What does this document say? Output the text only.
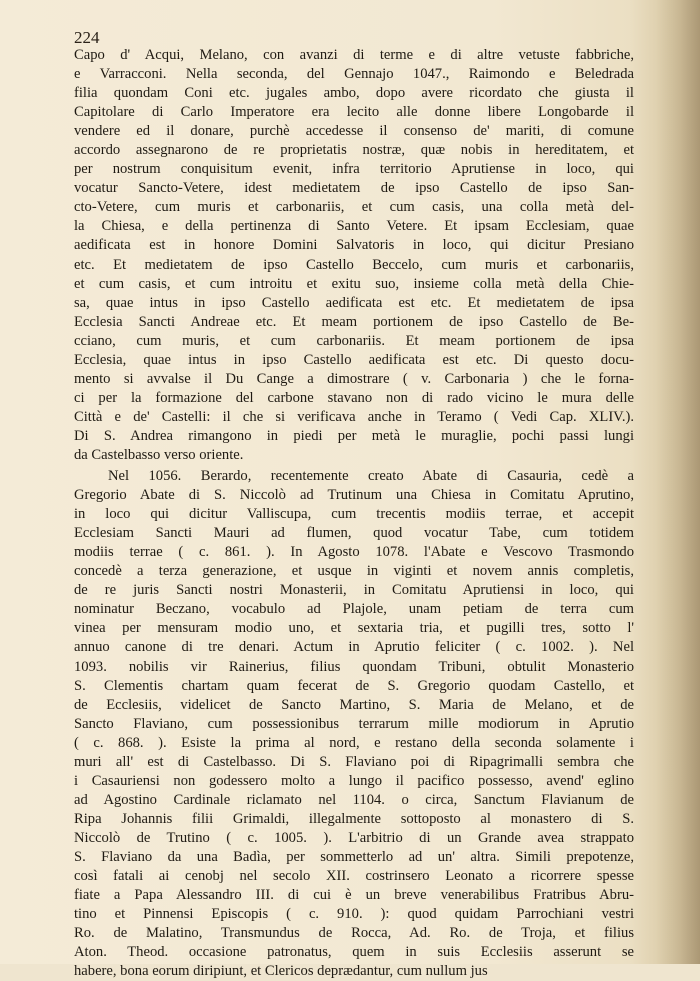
224
Capo d' Acqui, Melano, con avanzi di terme e di altre vetuste fabbriche,
e Varracconi. Nella seconda, del Gennajo 1047., Raimondo e Beledrada
filia quondam Coni etc. jugales ambo, dopo avere ricordato che giusta il
Capitolare di Carlo Imperatore era lecito alle donne libere Longobarde il
vendere ed il donare, purchè accedesse il consenso de' mariti, di comune
accordo assegnarono de re proprietatis nostræ, quæ nobis in hereditatem, et
per nostrum conquisitum evenit, infra territorio Aprutiense in loco, qui
vocatur Sancto-Vetere, idest medietatem de ipso Castello de ipso San-
cto-Vetere, cum muris et carbonariis, et cum casis, una colla metà del-
la Chiesa, e della pertinenza di Santo Vetere. Et ipsam Ecclesiam, quae
aedificata est in honore Domini Salvatoris in loco, qui dicitur Presiano
etc. Et medietatem de ipso Castello Beccelo, cum muris et carbonariis,
et cum casis, et cum introitu et exitu suo, insieme colla metà della Chie-
sa, quae intus in ipso Castello aedificata est etc. Et medietatem de ipsa
Ecclesia Sancti Andreae etc. Et meam portionem de ipso Castello de Be-
cciano, cum muris, et cum carbonariis. Et meam portionem de ipsa
Ecclesia, quae intus in ipso Castello aedificata est etc. Di questo docu-
mento si avvalse il Du Cange a dimostrare ( v. Carbonaria ) che le forna-
ci per la formazione del carbone stavano non di rado vicino le mura delle
Città e de' Castelli: il che si verificava anche in Teramo ( Vedi Cap. XLIV.).
Di S. Andrea rimangono in piedi per metà le muraglie, pochi passi lungi
da Castelbasso verso oriente.
Nel 1056. Berardo, recentemente creato Abate di Casauria, cedè a
Gregorio Abate di S. Niccolò ad Trutinum una Chiesa in Comitatu Aprutino,
in loco qui dicitur Valliscupa, cum trecentis modiis terrae, et accepit
Ecclesiam Sancti Mauri ad flumen, quod vocatur Tabe, cum totidem
modiis terrae ( c. 861. ). In Agosto 1078. l'Abate e Vescovo Trasmondo
concedè a terza generazione, et usque in viginti et novem annis completis,
de re juris Sancti nostri Monasterii, in Comitatu Aprutiensi in loco, qui
nominatur Beczano, vocabulo ad Plajole, unam petiam de terra cum
vinea per mensuram modio uno, et sextaria tria, et pugilli tres, sotto l'
annuo canone di tre denari. Actum in Aprutio feliciter ( c. 1002. ). Nel
1093. nobilis vir Rainerius, filius quondam Tribuni, obtulit Monasterio
S. Clementis chartam quam fecerat de S. Gregorio quodam Castello, et
de Ecclesiis, videlicet de Sancto Martino, S. Maria de Melano, et de
Sancto Flaviano, cum possessionibus terrarum mille modiorum in Aprutio
( c. 868. ). Esiste la prima al nord, e restano della seconda solamente i
muri all' est di Castelbasso. Di S. Flaviano poi di Ripagrimalli sembra che
i Casauriensi non godessero molto a lungo il pacifico possesso, avend' eglino
ad Agostino Cardinale riclamato nel 1104. o circa, Sanctum Flavianum de
Ripa Johannis filii Grimaldi, illegalmente sottoposto al monastero di S.
Niccolò de Trutino ( c. 1005. ). L'arbitrio di un Grande avea strappato
S. Flaviano da una Badìa, per sommetterlo ad un' altra. Simili prepotenze,
così fatali ai cenobj nel secolo XII. costrinsero Leonato a ricorrere spesse
fiate a Papa Alessandro III. di cui è un breve venerabilibus Fratribus Abru-
tino et Pinnensi Episcopis ( c. 910. ): quod quidam Parrochiani vestri
Ro. de Malatino, Transmundus de Rocca, Ad. Ro. de Troja, et filius
Aton. Theod. occasione patronatus, quem in suis Ecclesiis asserunt se
habere, bona eorum diripiunt, et Clericos deprædantur, cum nullum jus
